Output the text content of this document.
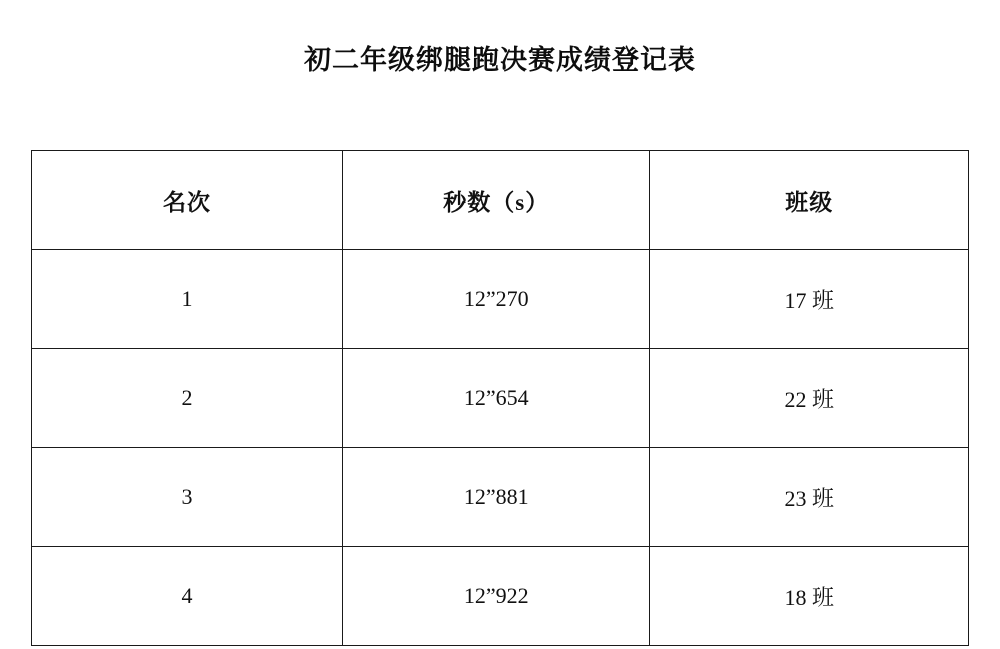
初二年级绑腿跑决赛成绩登记表
名次	秒数（s）	班级
1	12”270	17 班
2	12”654	22 班
3	12”881	23 班
4	12”922	18 班
